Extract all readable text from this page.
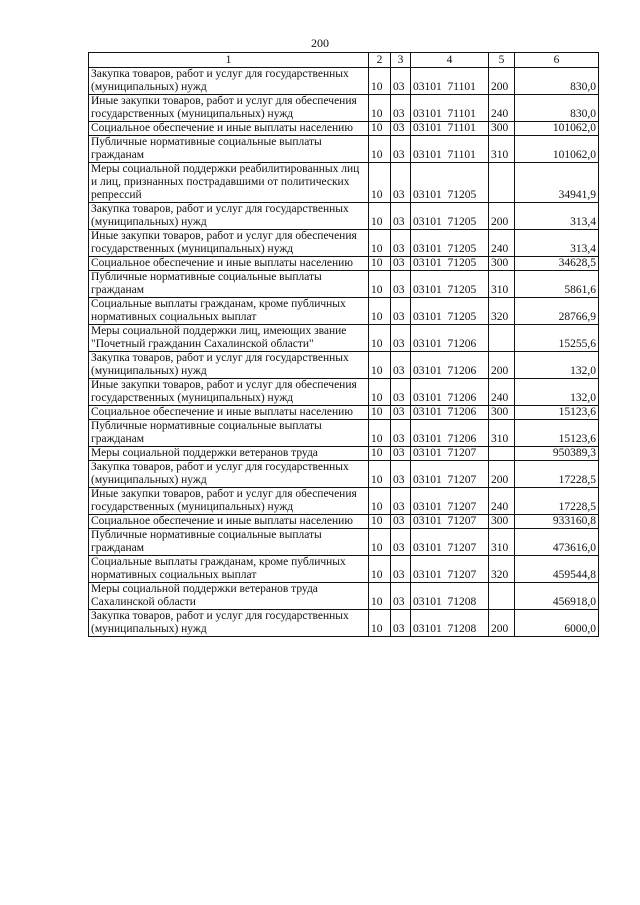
200
1	2	3	4	5	6
Закупка товаров, работ и услуг для государственных (муниципальных) нужд	10	03	03101  71101	200	830,0
Иные закупки товаров, работ и услуг для обеспечения государственных (муниципальных) нужд	10	03	03101  71101	240	830,0
Социальное обеспечение и иные выплаты населению	10	03	03101  71101	300	101062,0
Публичные нормативные социальные выплаты гражданам	10	03	03101  71101	310	101062,0
Меры социальной поддержки реабилитированных лиц и лиц, признанных пострадавшими от политических репрессий	10	03	03101  71205		34941,9
Закупка товаров, работ и услуг для государственных (муниципальных) нужд	10	03	03101  71205	200	313,4
Иные закупки товаров, работ и услуг для обеспечения государственных (муниципальных) нужд	10	03	03101  71205	240	313,4
Социальное обеспечение и иные выплаты населению	10	03	03101  71205	300	34628,5
Публичные нормативные социальные выплаты гражданам	10	03	03101  71205	310	5861,6
Социальные выплаты гражданам, кроме публичных нормативных социальных выплат	10	03	03101  71205	320	28766,9
Меры социальной поддержки лиц, имеющих звание "Почетный гражданин Сахалинской области"	10	03	03101  71206		15255,6
Закупка товаров, работ и услуг для государственных (муниципальных) нужд	10	03	03101  71206	200	132,0
Иные закупки товаров, работ и услуг для обеспечения государственных (муниципальных) нужд	10	03	03101  71206	240	132,0
Социальное обеспечение и иные выплаты населению	10	03	03101  71206	300	15123,6
Публичные нормативные социальные выплаты гражданам	10	03	03101  71206	310	15123,6
Меры социальной поддержки ветеранов труда	10	03	03101  71207		950389,3
Закупка товаров, работ и услуг для государственных (муниципальных) нужд	10	03	03101  71207	200	17228,5
Иные закупки товаров, работ и услуг для обеспечения государственных (муниципальных) нужд	10	03	03101  71207	240	17228,5
Социальное обеспечение и иные выплаты населению	10	03	03101  71207	300	933160,8
Публичные нормативные социальные выплаты гражданам	10	03	03101  71207	310	473616,0
Социальные выплаты гражданам, кроме публичных нормативных социальных выплат	10	03	03101  71207	320	459544,8
Меры социальной поддержки ветеранов труда Сахалинской области	10	03	03101  71208		456918,0
Закупка товаров, работ и услуг для государственных (муниципальных) нужд	10	03	03101  71208	200	6000,0
